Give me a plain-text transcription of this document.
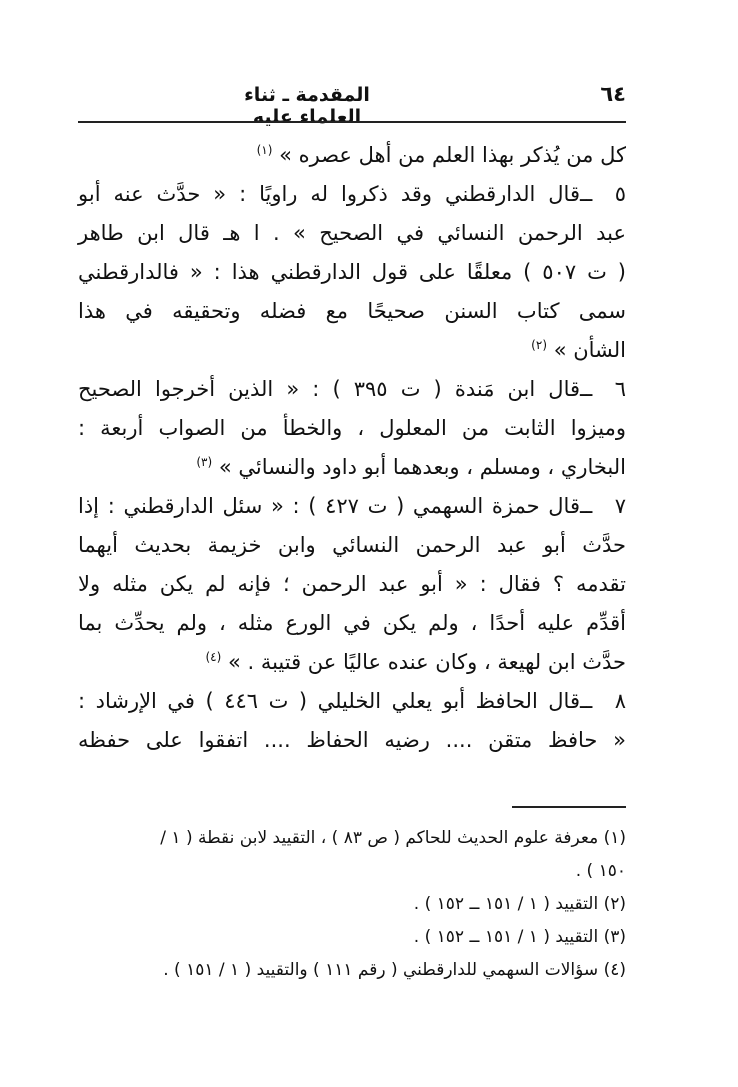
٦٤
المقدمة ـ ثناء العلماء عليه
كل من يُذكر بهذا العلم من أهل عصره » $^{(١)}$
٥ ــقال الدارقطني وقد ذكروا له راويًا : « حدَّث عنه أبو
عبد الرحمن النسائي في الصحيح » . ا هـ قال ابن طاهر
( ت ٥٠٧ ) معلقًا على قول الدارقطني هذا : « فالدارقطني
سمى كتاب السنن صحيحًا مع فضله وتحقيقه في هذا
الشأن » $^{(٢)}$
٦ ــقال ابن مَندة ( ت ٣٩٥ ) : « الذين أخرجوا الصحيح
وميزوا الثابت من المعلول ، والخطأ من الصواب أربعة :
البخاري ، ومسلم ، وبعدهما أبو داود والنسائي » $^{(٣)}$
٧ ــقال حمزة السهمي ( ت ٤٢٧ ) : « سئل الدارقطني : إذا
حدَّث أبو عبد الرحمن النسائي وابن خزيمة بحديث أيهما
تقدمه ؟ فقال : « أبو عبد الرحمن ؛ فإنه لم يكن مثله ولا
أقدِّم عليه أحدًا ، ولم يكن في الورع مثله ، ولم يحدِّث بما
حدَّث ابن لهيعة ، وكان عنده عاليًا عن قتيبة . » $^{(٤)}$
٨ ــقال الحافظ أبو يعلي الخليلي ( ت ٤٤٦ ) في الإرشاد :
« حافظ متقن .... رضيه الحفاظ .... اتفقوا على حفظه
(١) معرفة علوم الحديث للحاكم ( ص ٨٣ ) ، التقييد لابن نقطة ( ١ /
١٥٠ ) .
(٢) التقييد ( ١ / ١٥١ ــ ١٥٢ ) .
(٣) التقييد ( ١ / ١٥١ ــ ١٥٢ ) .
(٤) سؤالات السهمي للدارقطني ( رقم ١١١ ) والتقييد ( ١ / ١٥١ ) .
